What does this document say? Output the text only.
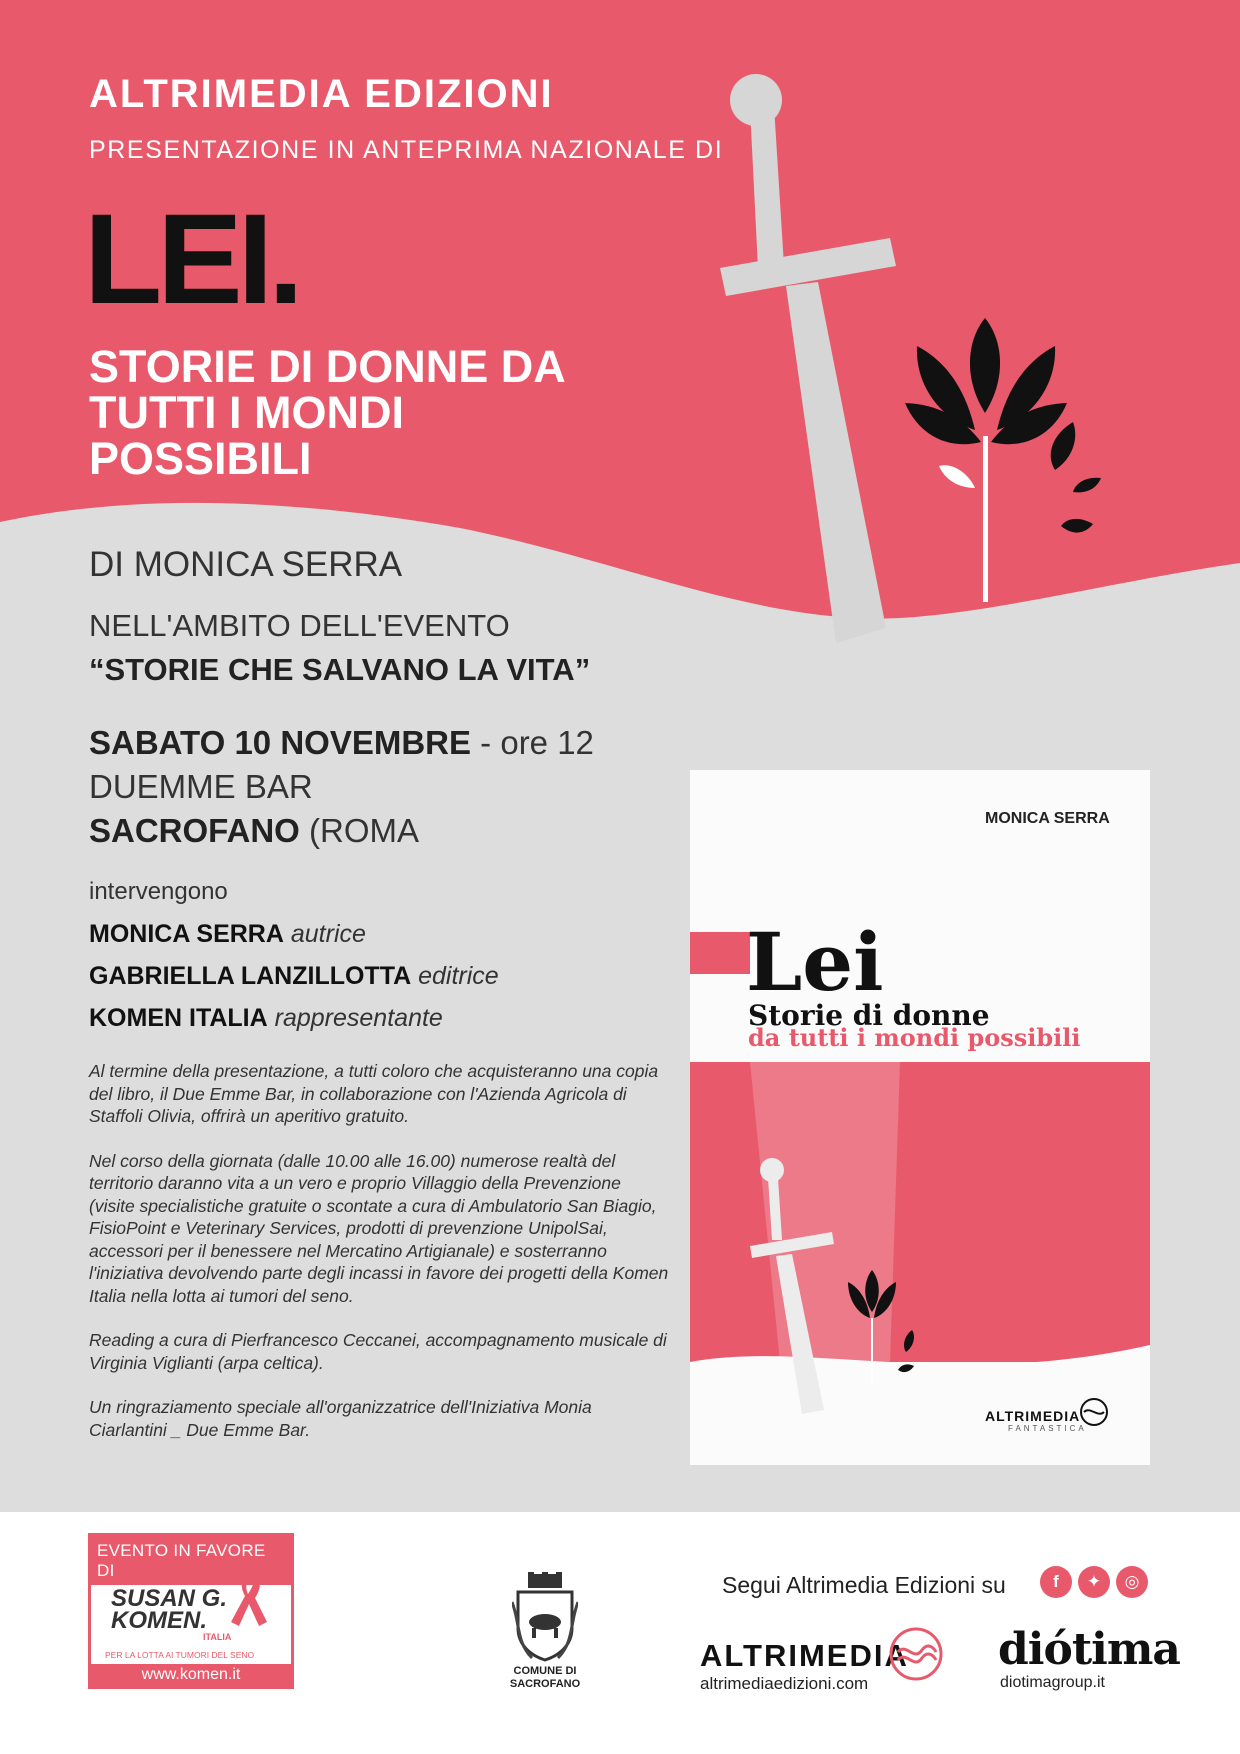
ALTRIMEDIA EDIZIONI
PRESENTAZIONE IN ANTEPRIMA NAZIONALE DI
LEI.
STORIE DI DONNE DA TUTTI I MONDI POSSIBILI
DI MONICA SERRA
NELL'AMBITO DELL'EVENTO
“STORIE CHE SALVANO LA VITA”
SABATO 10 NOVEMBRE - ore 12
DUEMME BAR
SACROFANO (ROMA
intervengono
MONICA SERRA autrice
GABRIELLA LANZILLOTTA editrice
KOMEN ITALIA rappresentante

Al termine della presentazione, a tutti coloro che acquisteranno una copia del libro, il Due Emme Bar, in collaborazione con l'Azienda Agricola di Staffoli Olivia, offrirà un aperitivo gratuito.

Nel corso della giornata (dalle 10.00 alle 16.00) numerose realtà del territorio daranno vita a un vero e proprio Villaggio della Prevenzione (visite specialistiche gratuite o scontate a cura di Ambulatorio San Biagio, FisioPoint e Veterinary Services, prodotti di prevenzione UnipolSai, accessori per il benessere nel Mercatino Artigianale) e sosterranno l'iniziativa devolvendo parte degli incassi in favore dei progetti della Komen Italia nella lotta ai tumori del seno.

Reading a cura di Pierfrancesco Ceccanei, accompagnamento musicale di Virginia Viglianti (arpa celtica).

Un ringraziamento speciale all'organizzatrice dell'Iniziativa Monia Ciarlantini _ Due Emme Bar.

MONICA SERRA
Lei
Storie di donne
da tutti i mondi possibili
ALTRIMEDIA
FANTASTICA
EVENTO IN FAVORE DI
SUSAN G.
KOMEN.
ITALIA
PER LA LOTTA AI TUMORI DEL SENO
www.komen.it	COMUNE DI
SACROFANO
Segui Altrimedia Edizioni su	f	✦	◎
ALTRIMEDIA
altrimediaedizioni.com
diótima
diotimagroup.it
